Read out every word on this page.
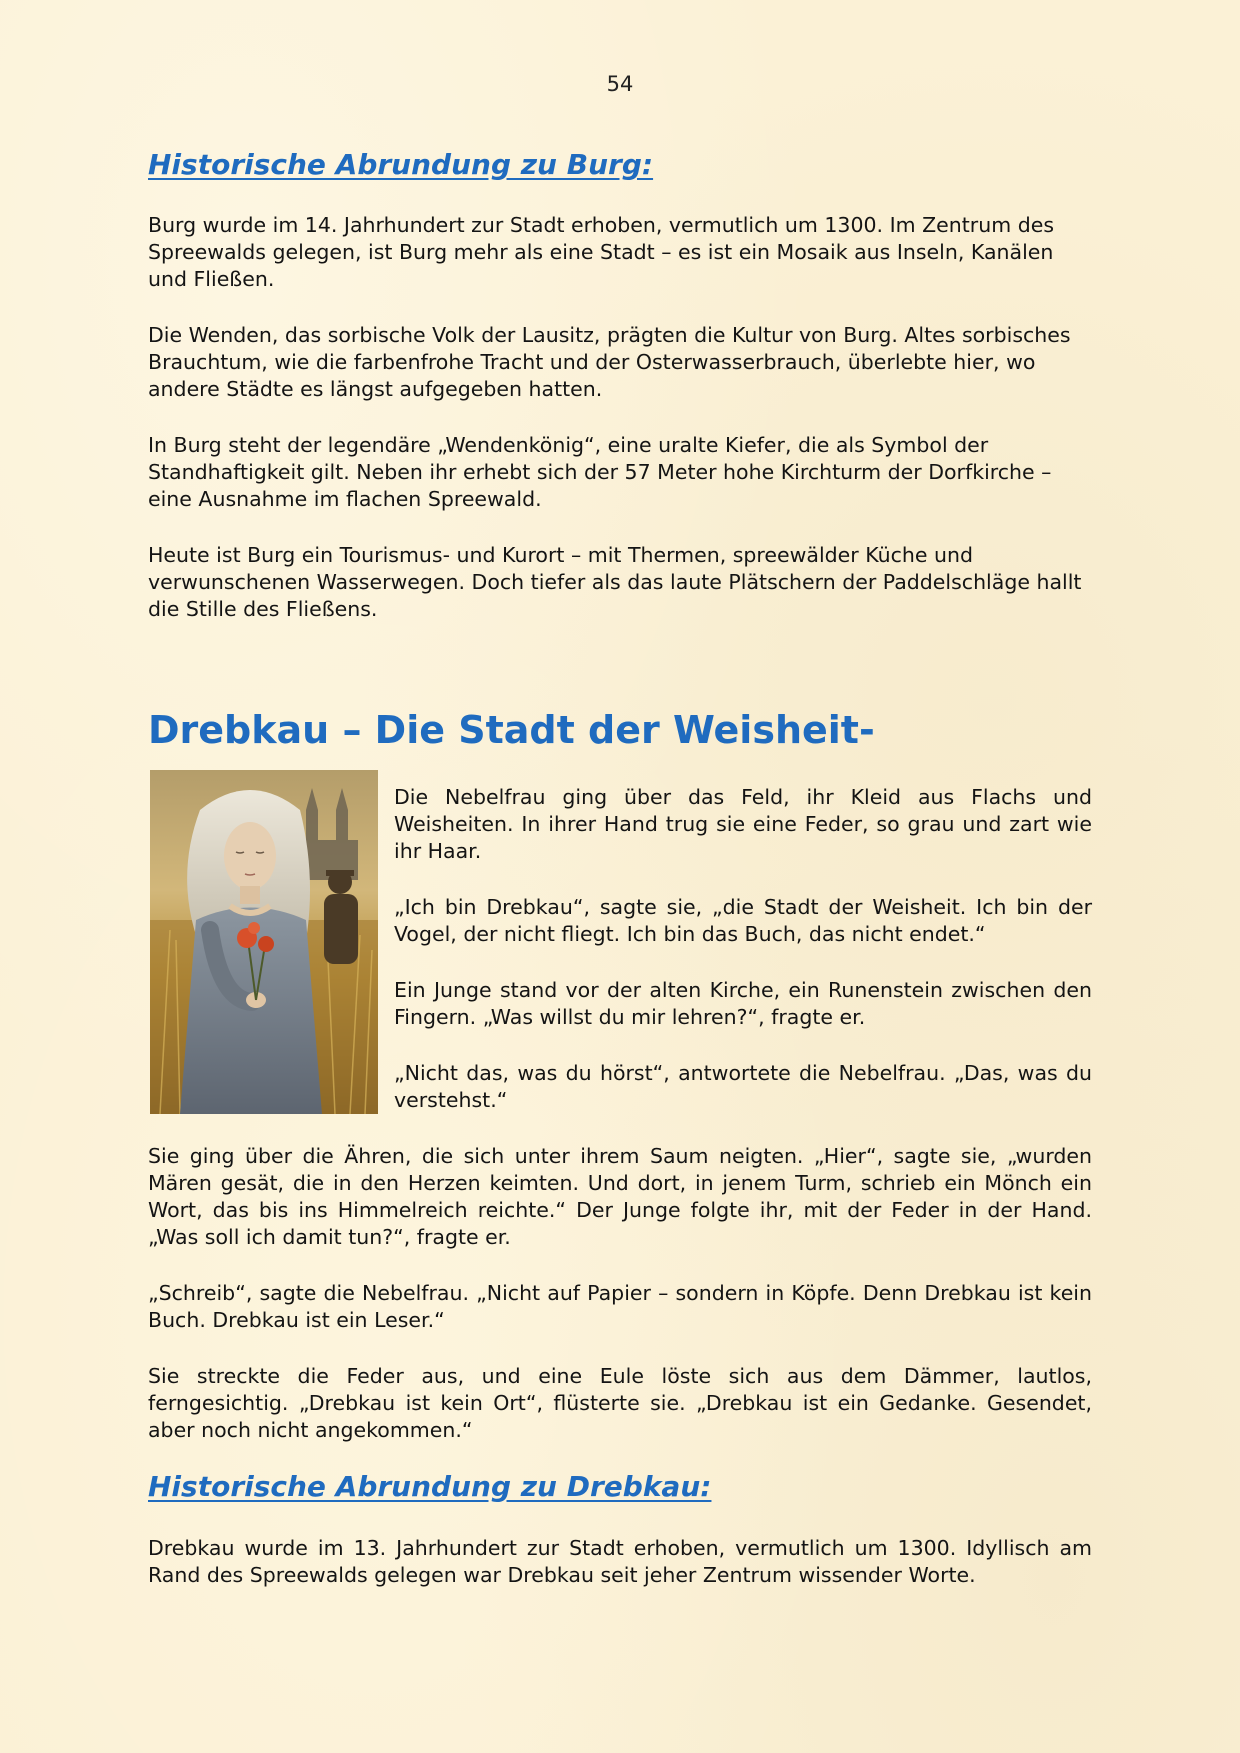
54
Historische Abrundung zu Burg:

Burg wurde im 14. Jahrhundert zur Stadt erhoben, vermutlich um 1300. Im Zentrum des Spreewalds gelegen, ist Burg mehr als eine Stadt – es ist ein Mosaik aus Inseln, Kanälen und Fließen.

Die Wenden, das sorbische Volk der Lausitz, prägten die Kultur von Burg. Altes sorbisches Brauchtum, wie die farbenfrohe Tracht und der Osterwasserbrauch, überlebte hier, wo andere Städte es längst aufgegeben hatten.

In Burg steht der legendäre „Wendenkönig“, eine uralte Kiefer, die als Symbol der Standhaftigkeit gilt. Neben ihr erhebt sich der 57 Meter hohe Kirchturm der Dorfkirche – eine Ausnahme im flachen Spreewald.

Heute ist Burg ein Tourismus- und Kurort – mit Thermen, spreewälder Küche und verwunschenen Wasserwegen. Doch tiefer als das laute Plätschern der Paddelschläge hallt die Stille des Fließens.

Drebkau – Die Stadt der Weisheit-

Die Nebelfrau ging über das Feld, ihr Kleid aus Flachs und Weisheiten. In ihrer Hand trug sie eine Feder, so grau und zart wie ihr Haar.

„Ich bin Drebkau“, sagte sie, „die Stadt der Weisheit. Ich bin der Vogel, der nicht fliegt. Ich bin das Buch, das nicht endet.“

Ein Junge stand vor der alten Kirche, ein Runenstein zwischen den Fingern. „Was willst du mir lehren?“, fragte er.

„Nicht das, was du hörst“, antwortete die Nebelfrau. „Das, was du verstehst.“

Sie ging über die Ähren, die sich unter ihrem Saum neigten. „Hier“, sagte sie, „wurden Mären gesät, die in den Herzen keimten. Und dort, in jenem Turm, schrieb ein Mönch ein Wort, das bis ins Himmelreich reichte.“ Der Junge folgte ihr, mit der Feder in der Hand. „Was soll ich damit tun?“, fragte er.

„Schreib“, sagte die Nebelfrau. „Nicht auf Papier – sondern in Köpfe. Denn Drebkau ist kein Buch. Drebkau ist ein Leser.“

Sie streckte die Feder aus, und eine Eule löste sich aus dem Dämmer, lautlos, ferngesichtig. „Drebkau ist kein Ort“, flüsterte sie. „Drebkau ist ein Gedanke. Gesendet, aber noch nicht angekommen.“

Historische Abrundung zu Drebkau:

Drebkau wurde im 13. Jahrhundert zur Stadt erhoben, vermutlich um 1300. Idyllisch am Rand des Spreewalds gelegen war Drebkau seit jeher Zentrum wissender Worte.
